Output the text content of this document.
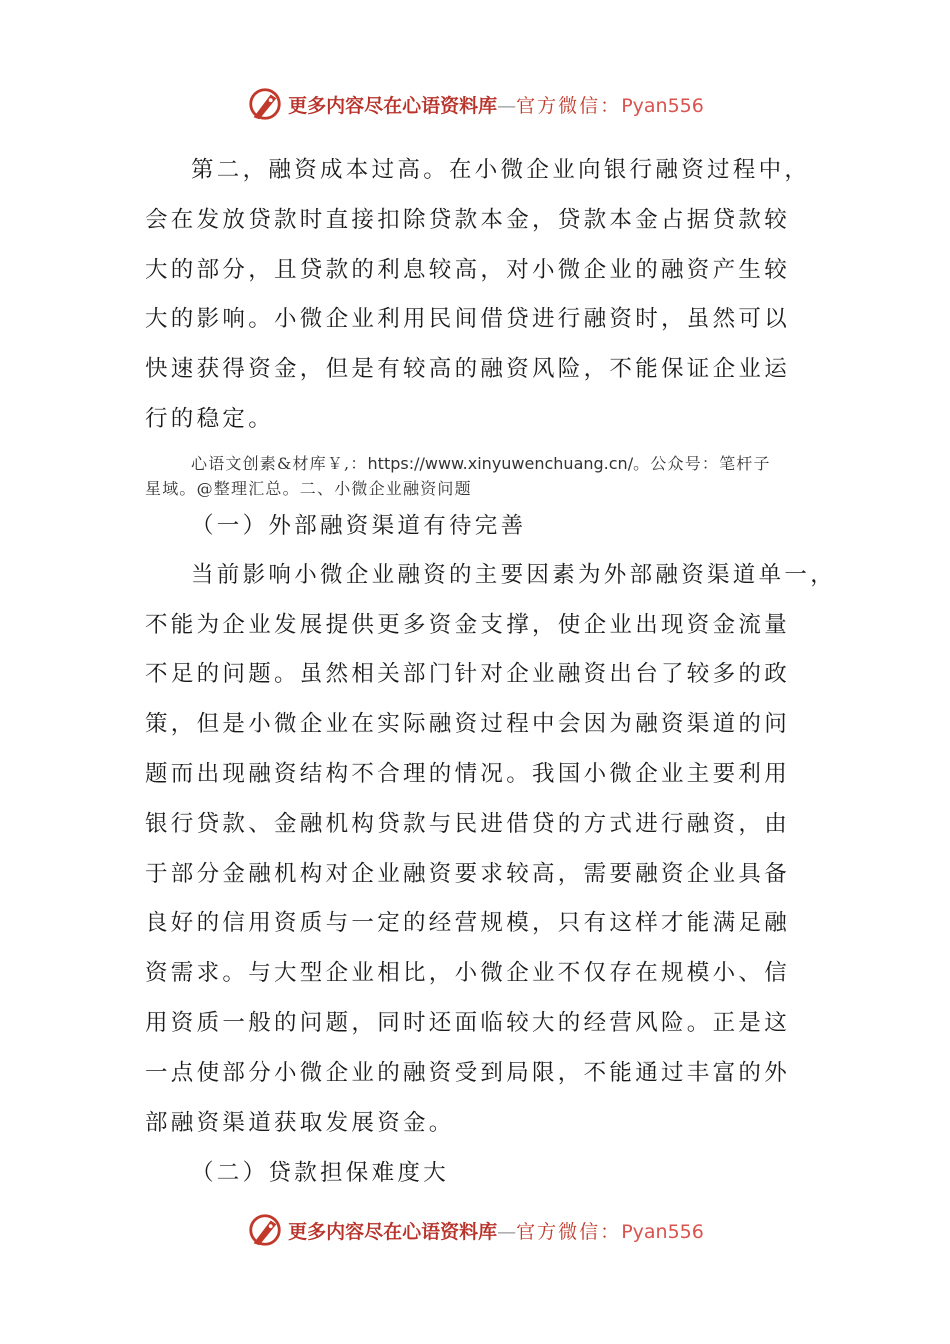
更多内容尽在心语资料库—官方微信：Pyan556

第二，融资成本过高。在小微企业向银行融资过程中，
会在发放贷款时直接扣除贷款本金，贷款本金占据贷款较
大的部分，且贷款的利息较高，对小微企业的融资产生较
大的影响。小微企业利用民间借贷进行融资时，虽然可以
快速获得资金，但是有较高的融资风险，不能保证企业运
行的稳定。

心语文创素&材库￥,：https://www.xinyuwenchuang.cn/。公众号：笔杆子
星域。@整理汇总。二、小微企业融资问题

（一）外部融资渠道有待完善

当前影响小微企业融资的主要因素为外部融资渠道单一，
不能为企业发展提供更多资金支撑，使企业出现资金流量
不足的问题。虽然相关部门针对企业融资出台了较多的政
策，但是小微企业在实际融资过程中会因为融资渠道的问
题而出现融资结构不合理的情况。我国小微企业主要利用
银行贷款、金融机构贷款与民进借贷的方式进行融资，由
于部分金融机构对企业融资要求较高，需要融资企业具备
良好的信用资质与一定的经营规模，只有这样才能满足融
资需求。与大型企业相比，小微企业不仅存在规模小、信
用资质一般的问题，同时还面临较大的经营风险。正是这
一点使部分小微企业的融资受到局限，不能通过丰富的外
部融资渠道获取发展资金。

（二）贷款担保难度大

更多内容尽在心语资料库—官方微信：Pyan556
